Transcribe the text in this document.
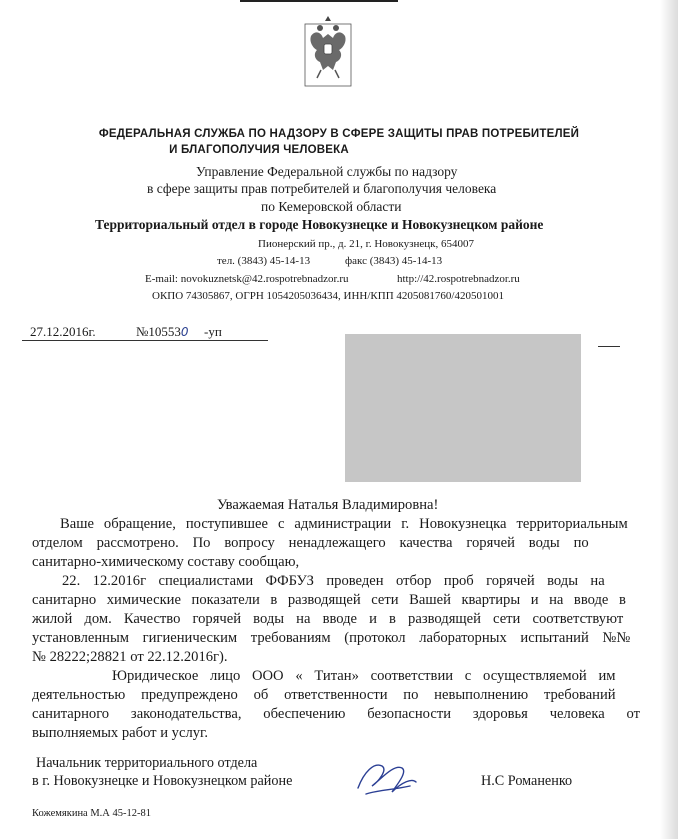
ФЕДЕРАЛЬНАЯ СЛУЖБА ПО НАДЗОРУ В СФЕРЕ ЗАЩИТЫ ПРАВ ПОТРЕБИТЕЛЕЙ
И БЛАГОПОЛУЧИЯ ЧЕЛОВЕКА
Управление Федеральной службы по надзору
в сфере защиты прав потребителей и благополучия человека
по Кемеровской области
Территориальный отдел в городе Новокузнецке и Новокузнецком районе
Пионерский пр., д. 21, г. Новокузнецк, 654007
тел. (3843) 45-14-13	факс (3843) 45-14-13
E-mail: novokuznetsk@42.rospotrebnadzor.ru	http://42.rospotrebnadzor.ru
ОКПО 74305867, ОГРН 1054205036434, ИНН/КПП 4205081760/420501001
27.12.2016г.	№105530 -уп
Уважаемая Наталья Владимировна!
Ваше обращение, поступившее с администрации г. Новокузнецка территориальным
отделом рассмотрено. По вопросу ненадлежащего качества горячей воды по
санитарно-химическому составу сообщаю,
22. 12.2016г специалистами ФФБУЗ проведен отбор проб горячей воды на
санитарно химические показатели в разводящей сети Вашей квартиры и на вводе в
жилой дом. Качество горячей воды на вводе и в разводящей сети соответствуют
установленным гигиеническим требованиям (протокол лабораторных испытаний №№
№ 28222;28821 от 22.12.2016г).
Юридическое лицо ООО « Титан» соответствии с осуществляемой им
деятельностью предупреждено об ответственности по невыполнению требований
санитарного законодательства, обеспечению безопасности здоровья человека от
выполняемых работ и услуг.
Начальник территориального отдела
в г. Новокузнецке и Новокузнецком районе	Н.С Романенко
Кожемякина М.А 45-12-81
